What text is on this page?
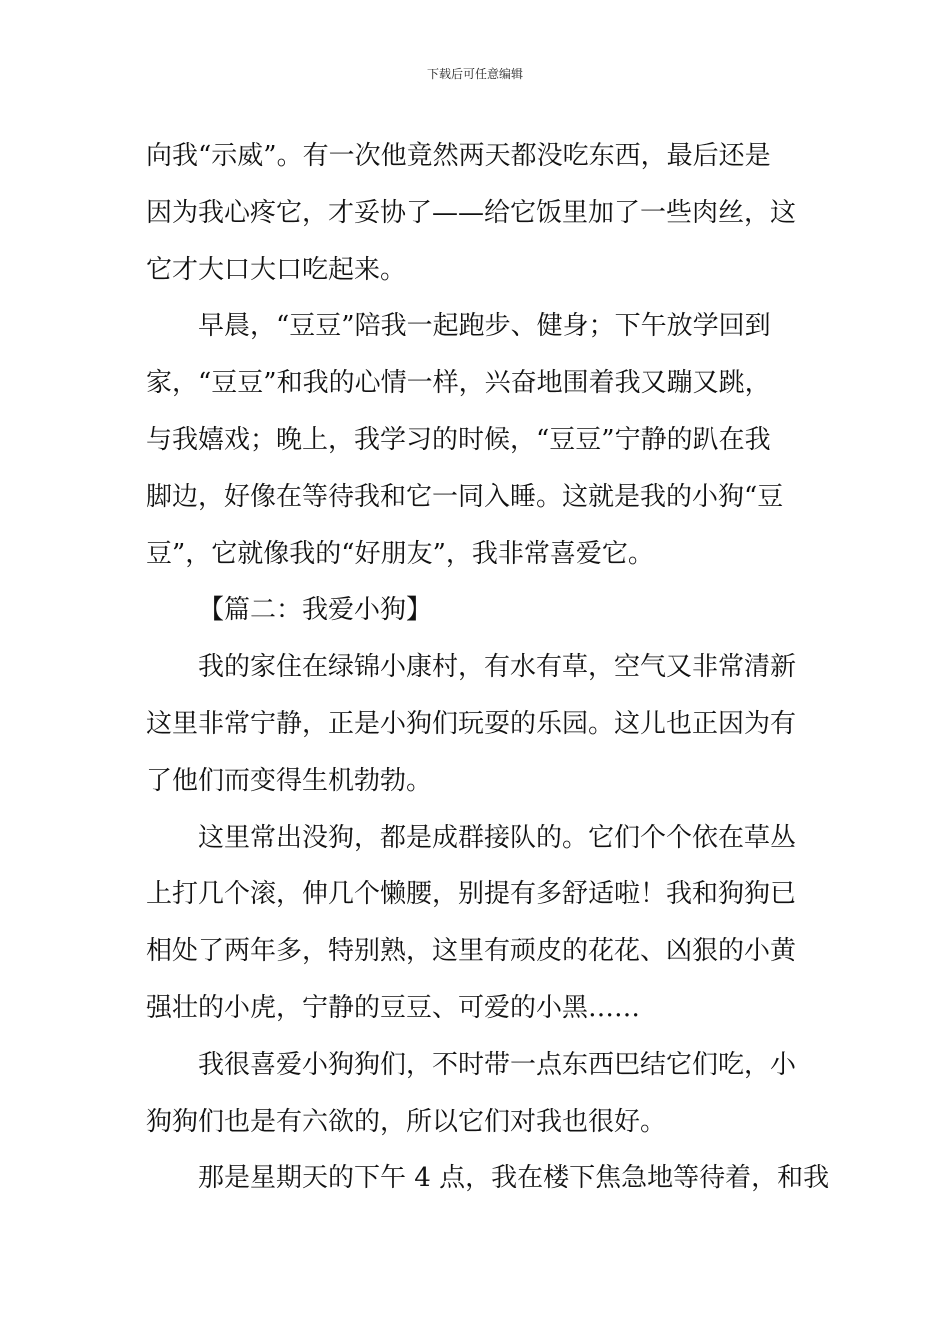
下载后可任意编辑
向我“示威”。有一次他竟然两天都没吃东西，最后还是
因为我心疼它，才妥协了——给它饭里加了一些肉丝，这
它才大口大口吃起来。
早晨，“豆豆”陪我一起跑步、健身；下午放学回到
家，“豆豆”和我的心情一样，兴奋地围着我又蹦又跳，
与我嬉戏；晚上，我学习的时候，“豆豆”宁静的趴在我
脚边，好像在等待我和它一同入睡。这就是我的小狗“豆
豆”，它就像我的“好朋友”，我非常喜爱它。
【篇二：我爱小狗】
我的家住在绿锦小康村，有水有草，空气又非常清新
这里非常宁静，正是小狗们玩耍的乐园。这儿也正因为有
了他们而变得生机勃勃。
这里常出没狗，都是成群接队的。它们个个依在草丛
上打几个滚，伸几个懒腰，别提有多舒适啦！我和狗狗已
相处了两年多，特别熟，这里有顽皮的花花、凶狠的小黄
强壮的小虎，宁静的豆豆、可爱的小黑……
我很喜爱小狗狗们，不时带一点东西巴结它们吃，小
狗狗们也是有六欲的，所以它们对我也很好。
那是星期天的下午 4 点，我在楼下焦急地等待着，和我
